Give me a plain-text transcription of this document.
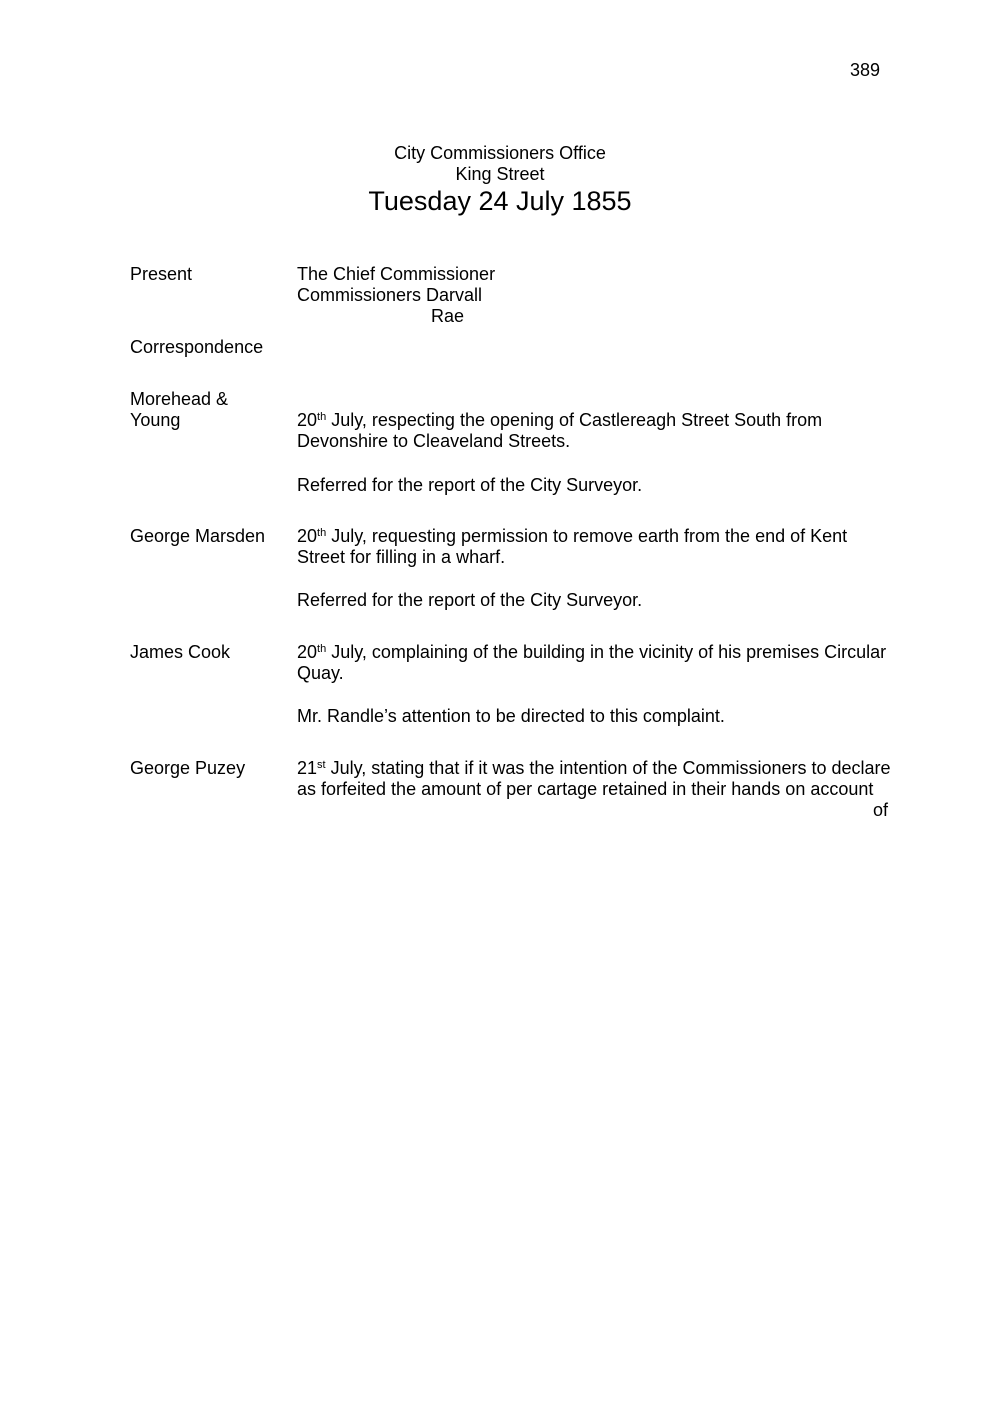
389
City Commissioners Office
King Street
Tuesday 24 July 1855
Present	The Chief Commissioner
Commissioners Darvall
Rae
Correspondence
Morehead &
Young	20th July, respecting the opening of Castlereagh Street South from
Devonshire to Cleaveland Streets.
Referred for the report of the City Surveyor.
George Marsden	20th July, requesting permission to remove earth from the end of Kent
Street for filling in a wharf.
Referred for the report of the City Surveyor.
James Cook	20th July, complaining of the building in the vicinity of his premises Circular
Quay.
Mr. Randle’s attention to be directed to this complaint.
George Puzey	21st July, stating that if it was the intention of the Commissioners to declare
as forfeited the amount of per cartage retained in their hands on account
of
